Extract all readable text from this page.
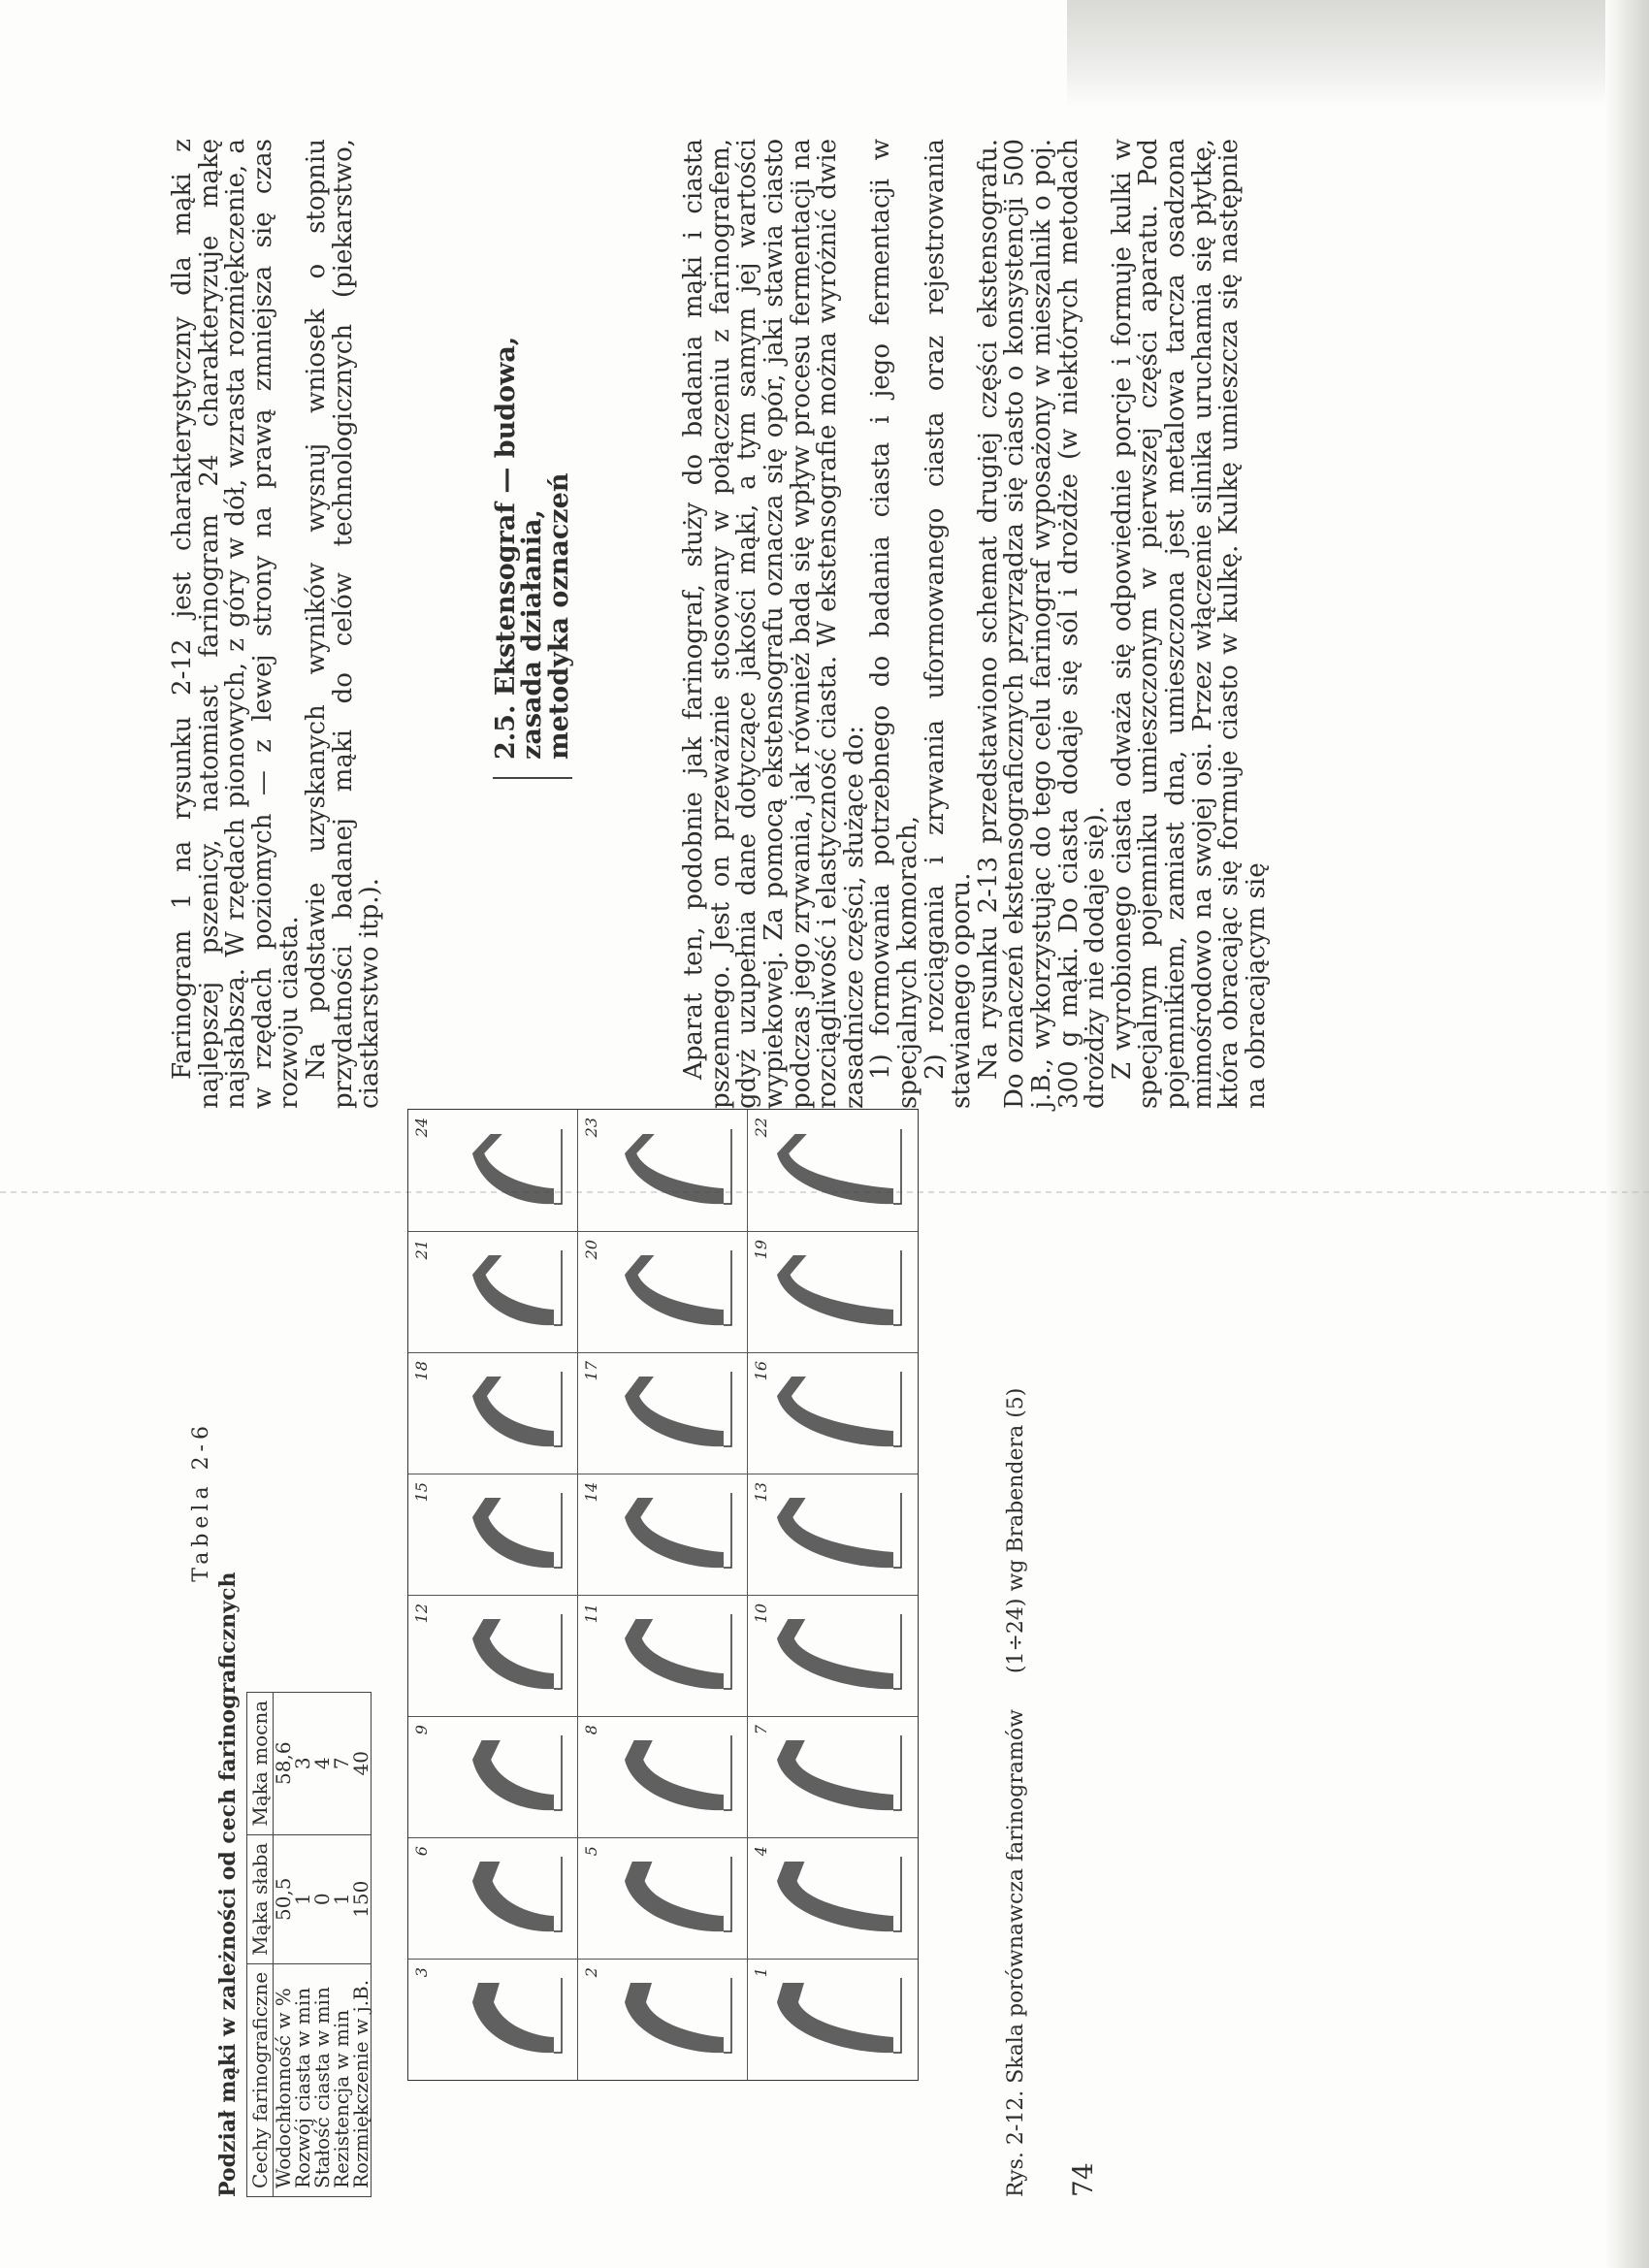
Farinogram 1 na rysunku 2-12 jest charakterystyczny dla mąki z najlepszej pszenicy, natomiast farinogram 24 charakteryzuje mąkę najsłabszą. W rzędach pionowych, z góry w dół, wzrasta rozmiękczenie, a w rzędach poziomych — z lewej strony na prawą zmniejsza się czas rozwoju ciasta.

Na podstawie uzyskanych wyników wysnuj wniosek o stopniu przydatności badanej mąki do celów technologicznych (piekarstwo, ciastkarstwo itp.).

2.5. Ekstensograf — budowa,
zasada działania,
metodyka oznaczeń	Aparat ten, podobnie jak farinograf, służy do badania mąki i ciasta pszennego. Jest on przeważnie stosowany w połączeniu z farinografem, gdyż uzupełnia dane dotyczące jakości mąki, a tym samym jej wartości wypiekowej. Za pomocą ekstensografu oznacza się opór, jaki stawia ciasto podczas jego zrywania, jak również bada się wpływ procesu fermentacji na rozciągliwość i elastyczność ciasta. W ekstensografie można wyróżnić dwie zasadnicze części, służące do:

1) formowania potrzebnego do badania ciasta i jego fermentacji w specjalnych komorach,

2) rozciągania i zrywania uformowanego ciasta oraz rejestrowania stawianego oporu.

Na rysunku 2-13 przedstawiono schemat drugiej części ekstensografu. Do oznaczeń ekstensograficznych przyrządza się ciasto o konsystencji 500 j.B., wykorzystując do tego celu farinograf wyposażony w mieszalnik o poj. 300 g mąki. Do ciasta dodaje się sól i drożdże (w niektórych metodach drożdży nie dodaje się).

Z wyrobionego ciasta odważa się odpowiednie porcje i formuje kulki w specjalnym pojemniku umieszczonym w pierwszej części aparatu. Pod pojemnikiem, zamiast dna, umieszczona jest metalowa tarcza osadzona mimośrodowo na swojej osi. Przez włączenie silnika uruchamia się płytkę, która obracając się formuje ciasto w kulkę. Kulkę umieszcza się następnie na obracającym się

Tabela 2-6
Podział mąki w zależności od cech farinograficznych Cechy farinograficzne	Mąka słaba	Mąka mocna
Wodochłonność w %	50,5	58,6
Rozwój ciasta w min	1	3
Stałość ciasta w min	0	4
Rezistencja w min	1	7
Rozmiękczenie w j.B.	150	40
3
6
9
12
15
18
21
24
2
5
8
11
14
17
20
23
1
4
7
10
13
16
19
22
Rys. 2-12. Skala porównawcza farinogramów (1÷24) wg Brabendera (5)
74
